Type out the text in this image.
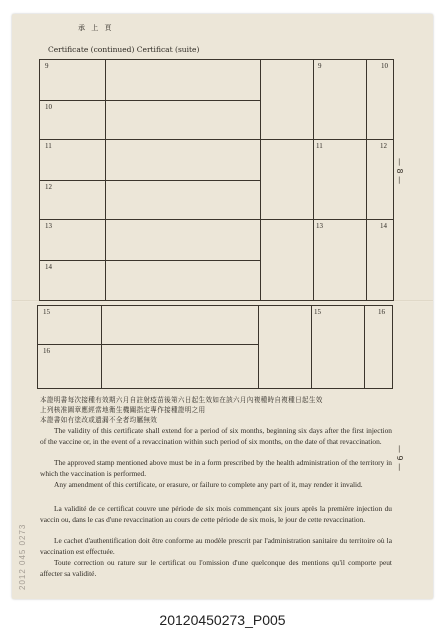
承 上 頁
Certificate (continued) Certificat (suite)
9	9	10
10
11	11	12
12
13	13	14
14
15	15	16
16
— 8 —
— 9 —
本證明書每次接種有效期六月自註射疫苗後第六日起生效如在該六月內複種時自複種日起生效
上列核准圖章應經當地衛生機關指定專作接種證明之用
本證書如有塗改或遺漏不全者均屬無效

The validity of this certificate shall extend for a period of six months, beginning six days after the first injection of the vaccine or, in the event of a revaccination within such period of six months, on the date of that revaccination.

The approved stamp mentioned above must be in a form prescribed by the health administration of the territory in which the vaccination is performed.

Any amendment of this certificate, or erasure, or failure to complete any part of it, may render it invalid.

La validité de ce certificat couvre une période de six mois commençant six jours après la première injection du vaccin ou, dans le cas d'une revaccination au cours de cette période de six mois, le jour de cette revaccination.

Le cachet d'authentification doit être conforme au modèle prescrit par l'administration sanitaire du territoire où la vaccination est effectuée.

Toute correction ou rature sur le certificat ou l'omission d'une quelconque des mentions qu'il comporte peut affecter sa validité.

2012 045 0273
20120450273_P005
